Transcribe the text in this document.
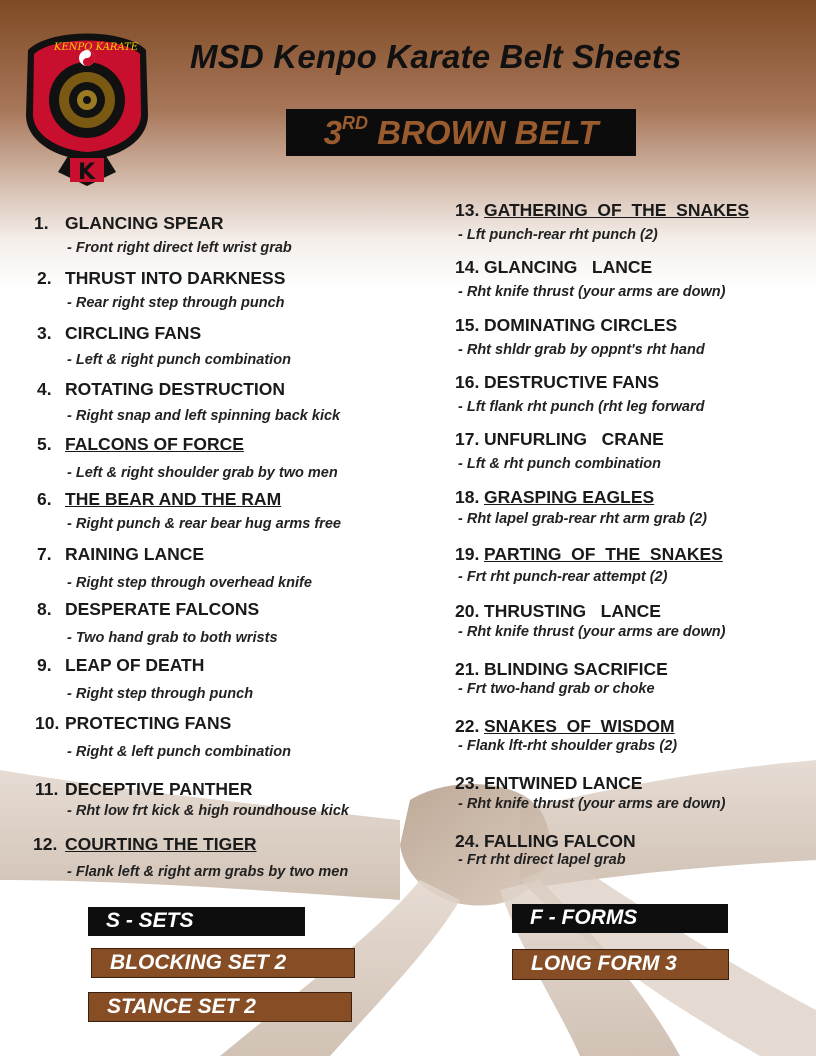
KENPO KARATE
K
MSD Kenpo Karate Belt Sheets
3RD BROWN BELT
1. GLANCING SPEAR
- Front right direct left wrist grab
2. THRUST INTO DARKNESS
- Rear right step through punch
3. CIRCLING FANS
- Left & right punch combination
4. ROTATING DESTRUCTION
- Right snap and left spinning back kick
5. FALCONS OF FORCE
- Left & right shoulder grab by two men
6. THE BEAR AND THE RAM
- Right punch & rear bear hug arms free
7. RAINING LANCE
- Right step through overhead knife
8. DESPERATE FALCONS
- Two hand grab to both wrists
9. LEAP OF DEATH
- Right step through punch
10. PROTECTING FANS
- Right & left punch combination
11. DECEPTIVE PANTHER
- Rht low frt kick & high roundhouse kick
12. COURTING THE TIGER
- Flank left & right arm grabs by two men
13. GATHERING  OF  THE  SNAKES
- Lft punch-rear rht punch (2)
14. GLANCING   LANCE
- Rht knife thrust (your arms are down)
15. DOMINATING CIRCLES
- Rht shldr grab by oppnt's rht hand
16. DESTRUCTIVE FANS
- Lft flank rht punch (rht leg forward
17. UNFURLING   CRANE
- Lft & rht punch combination
18. GRASPING EAGLES
- Rht lapel grab-rear rht arm grab (2)
19. PARTING  OF  THE  SNAKES
- Frt rht punch-rear attempt (2)
20. THRUSTING   LANCE
- Rht knife thrust (your arms are down)
21. BLINDING SACRIFICE
- Frt two-hand grab or choke
22. SNAKES  OF  WISDOM
- Flank lft-rht shoulder grabs (2)
23. ENTWINED LANCE
- Rht knife thrust (your arms are down)
24. FALLING FALCON
- Frt rht direct lapel grab
S - SETS
BLOCKING SET 2
STANCE SET 2
F - FORMS
LONG FORM 3
